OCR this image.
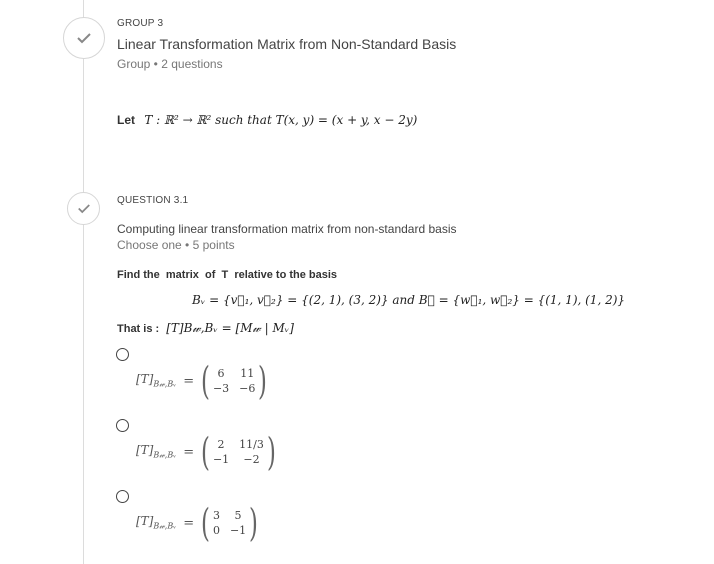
GROUP 3
Linear Transformation Matrix from Non-Standard Basis
Group • 2 questions
Let T : ℝ² → ℝ² such that T(x, y) = (x + y, x − 2y)
QUESTION 3.1
Computing linear transformation matrix from non-standard basis
Choose one • 5 points
Find the  matrix  of  T  relative to the basis
Bᵥ = {v⃗₁, v⃗₂} = {(2, 1), (3, 2)} and B𝓌 = {w⃗₁, w⃗₂} = {(1, 1), (1, 2)}
That is : [T]B𝓌,Bᵥ = [M𝓌 | Mᵥ]
$[T]_{B𝓌,Bᵥ}$ = ( 6	11
−3 −6 )
$[T]_{B𝓌,Bᵥ}$ = ( 2	11/3
−1	−2 )
$[T]_{B𝓌,Bᵥ}$ = ( 3	5
0 −1 )
